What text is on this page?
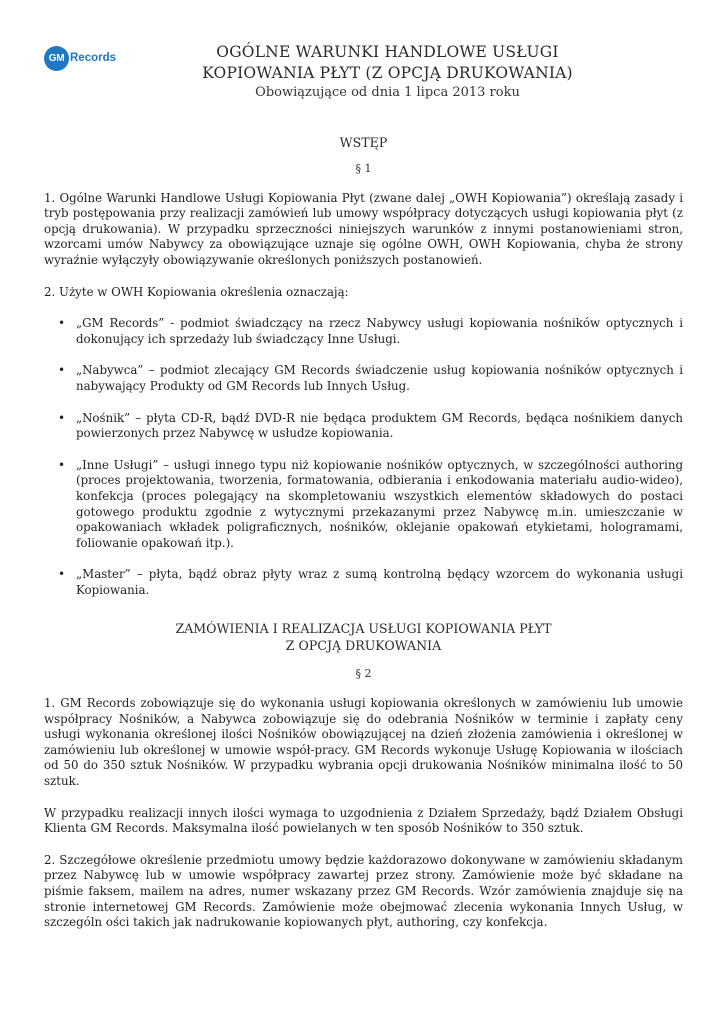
GM Records	OGÓLNE WARUNKI HANDLOWE USŁUGI
KOPIOWANIA PŁYT (Z OPCJĄ DRUKOWANIA)
Obowiązujące od dnia 1 lipca 2013 roku
WSTĘP
§ 1

1. Ogólne Warunki Handlowe Usługi Kopiowania Płyt (zwane dalej „OWH Kopiowania”) określają zasady i tryb postępowania przy realizacji zamówień lub umowy współpracy dotyczących usługi kopiowania płyt (z opcją drukowania). W przypadku sprzeczności niniejszych warunków z innymi postanowieniami stron, wzorcami umów Nabywcy za obowiązujące uznaje się ogólne OWH, OWH Kopiowania, chyba że strony wyraźnie wyłączyły obowiązywanie określonych poniższych postanowień.

2. Użyte w OWH Kopiowania określenia oznaczają:

• „GM Records” - podmiot świadczący na rzecz Nabywcy usługi kopiowania nośników optycznych i dokonujący ich sprzedaży lub świadczący Inne Usługi.
• „Nabywca” – podmiot zlecający GM Records świadczenie usług kopiowania nośników optycznych i nabywający Produkty od GM Records lub Innych Usług.
• „Nośnik” – płyta CD-R, bądź DVD-R nie będąca produktem GM Records, będąca nośnikiem danych powierzonych przez Nabywcę w usłudze kopiowania.
• „Inne Usługi” – usługi innego typu niż kopiowanie nośników optycznych, w szczególności authoring (proces projektowania, tworzenia, formatowania, odbierania i enkodowania materiału audio-wideo), konfekcja (proces polegający na skompletowaniu wszystkich elementów składowych do postaci gotowego produktu zgodnie z wytycznymi przekazanymi przez Nabywcę m.in. umieszczanie w opakowaniach wkładek poligraficznych, nośników, oklejanie opakowań etykietami, hologramami, foliowanie opakowań itp.).
• „Master” – płyta, bądź obraz płyty wraz z sumą kontrolną będący wzorcem do wykonania usługi Kopiowania.
ZAMÓWIENIA I REALIZACJA USŁUGI KOPIOWANIA PŁYT
Z OPCJĄ DRUKOWANIA
§ 2

1. GM Records zobowiązuje się do wykonania usługi kopiowania określonych w zamówieniu lub umowie współpracy Nośników, a Nabywca zobowiązuje się do odebrania Nośników w terminie i zapłaty ceny usługi wykonania określonej ilości Nośników obowiązującej na dzień złożenia zamówienia i określonej w zamówieniu lub określonej w umowie współ-pracy. GM Records wykonuje Usługę Kopiowania w ilościach od 50 do 350 sztuk Nośników. W przypadku wybrania opcji drukowania Nośników minimalna ilość to 50 sztuk.

W przypadku realizacji innych ilości wymaga to uzgodnienia z Działem Sprzedaży, bądź Działem Obsługi Klienta GM Records. Maksymalna ilość powielanych w ten sposób Nośników to 350 sztuk.

2. Szczegółowe określenie przedmiotu umowy będzie każdorazowo dokonywane w zamówieniu składanym przez Nabywcę lub w umowie współpracy zawartej przez strony. Zamówienie może być składane na piśmie faksem, mailem na adres, numer wskazany przez GM Records. Wzór zamówienia znajduje się na stronie internetowej GM Records. Zamówienie może obejmować zlecenia wykonania Innych Usług, w szczególn ości takich jak nadrukowanie kopiowanych płyt, authoring, czy konfekcja.
